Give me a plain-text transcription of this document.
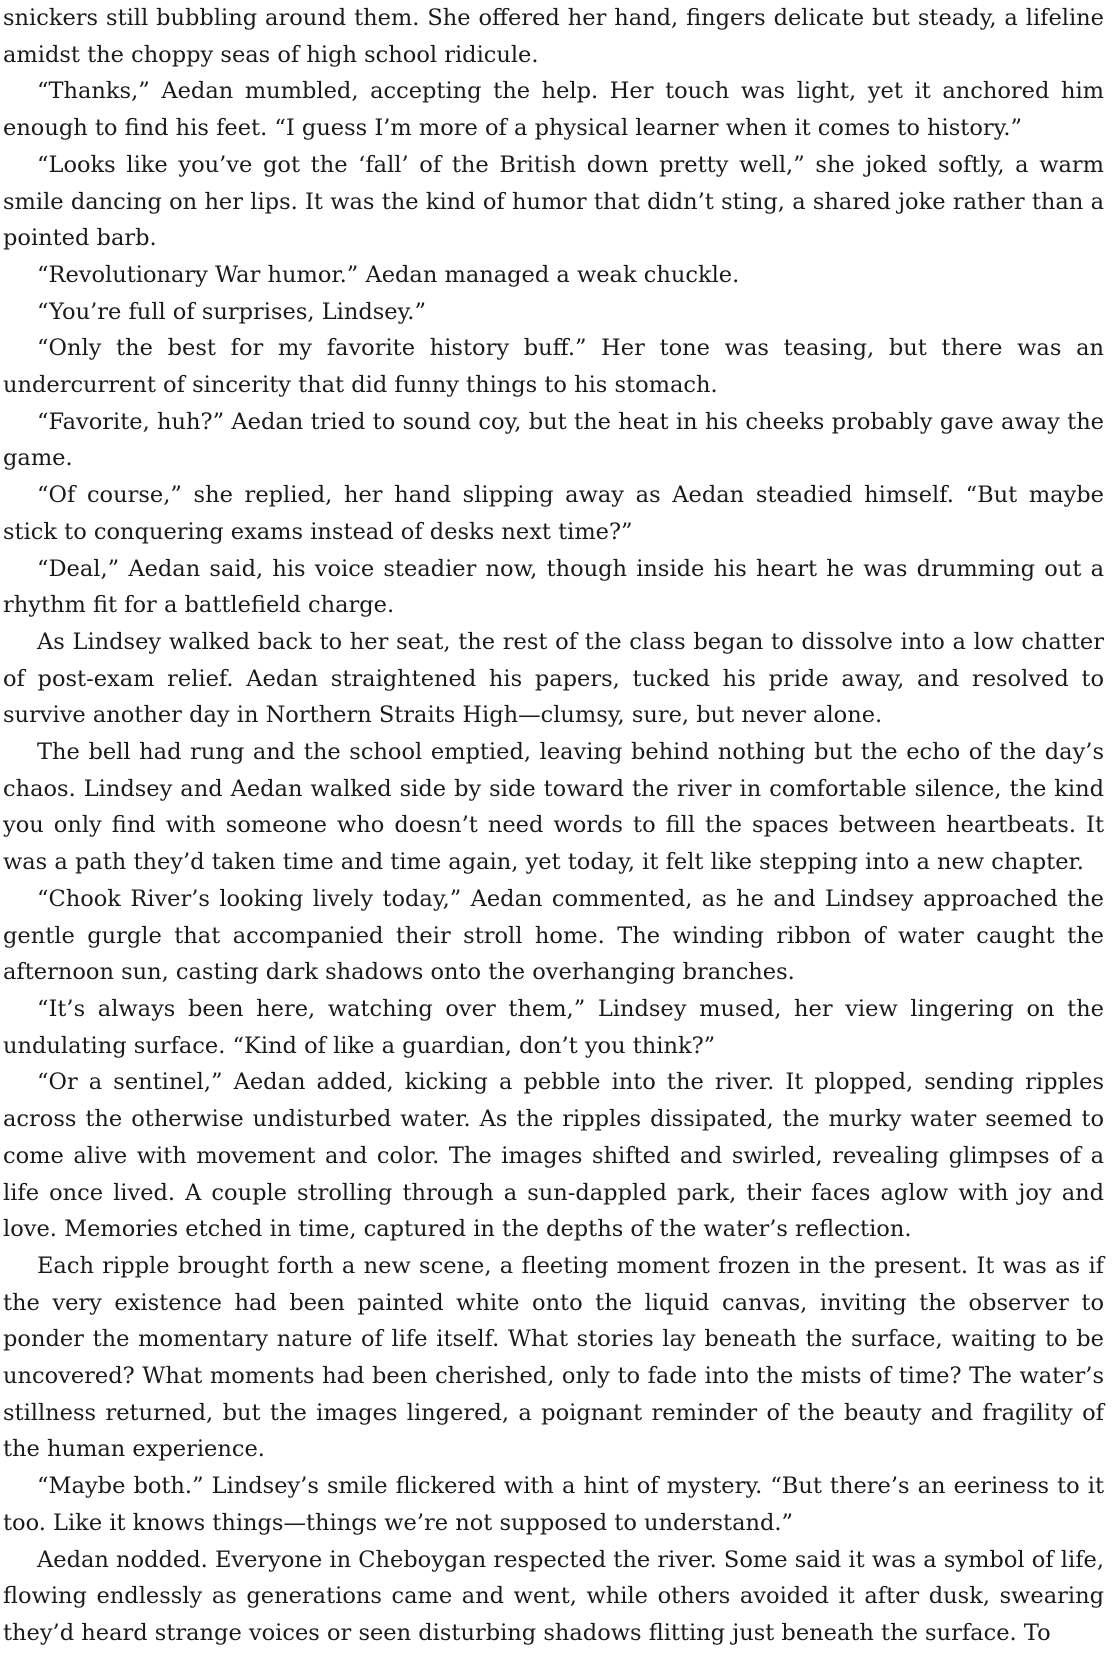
snickers still bubbling around them. She offered her hand, fingers delicate but steady, a lifeline amidst the choppy seas of high school ridicule.

“Thanks,” Aedan mumbled, accepting the help. Her touch was light, yet it anchored him enough to find his feet. “I guess I’m more of a physical learner when it comes to history.”

“Looks like you’ve got the ‘fall’ of the British down pretty well,” she joked softly, a warm smile dancing on her lips. It was the kind of humor that didn’t sting, a shared joke rather than a pointed barb.

“Revolutionary War humor.” Aedan managed a weak chuckle.

“You’re full of surprises, Lindsey.”

“Only the best for my favorite history buff.” Her tone was teasing, but there was an undercurrent of sincerity that did funny things to his stomach.

“Favorite, huh?” Aedan tried to sound coy, but the heat in his cheeks probably gave away the game.

“Of course,” she replied, her hand slipping away as Aedan steadied himself. “But maybe stick to conquering exams instead of desks next time?”

“Deal,” Aedan said, his voice steadier now, though inside his heart he was drumming out a rhythm fit for a battlefield charge.

As Lindsey walked back to her seat, the rest of the class began to dissolve into a low chatter of post-exam relief. Aedan straightened his papers, tucked his pride away, and resolved to survive another day in Northern Straits High—clumsy, sure, but never alone.

The bell had rung and the school emptied, leaving behind nothing but the echo of the day’s chaos. Lindsey and Aedan walked side by side toward the river in comfortable silence, the kind you only find with someone who doesn’t need words to fill the spaces between heartbeats. It was a path they’d taken time and time again, yet today, it felt like stepping into a new chapter.

“Chook River’s looking lively today,” Aedan commented, as he and Lindsey approached the gentle gurgle that accompanied their stroll home. The winding ribbon of water caught the afternoon sun, casting dark shadows onto the overhanging branches.

“It’s always been here, watching over them,” Lindsey mused, her view lingering on the undulating surface. “Kind of like a guardian, don’t you think?”

“Or a sentinel,” Aedan added, kicking a pebble into the river. It plopped, sending ripples across the otherwise undisturbed water. As the ripples dissipated, the murky water seemed to come alive with movement and color. The images shifted and swirled, revealing glimpses of a life once lived. A couple strolling through a sun-dappled park, their faces aglow with joy and love. Memories etched in time, captured in the depths of the water’s reflection.

Each ripple brought forth a new scene, a fleeting moment frozen in the present. It was as if the very existence had been painted white onto the liquid canvas, inviting the observer to ponder the momentary nature of life itself. What stories lay beneath the surface, waiting to be uncovered? What moments had been cherished, only to fade into the mists of time? The water’s stillness returned, but the images lingered, a poignant reminder of the beauty and fragility of the human experience.

“Maybe both.” Lindsey’s smile flickered with a hint of mystery. “But there’s an eeriness to it too. Like it knows things—things we’re not supposed to understand.”

Aedan nodded. Everyone in Cheboygan respected the river. Some said it was a symbol of life, flowing endlessly as generations came and went, while others avoided it after dusk, swearing they’d heard strange voices or seen disturbing shadows flitting just beneath the surface. To
